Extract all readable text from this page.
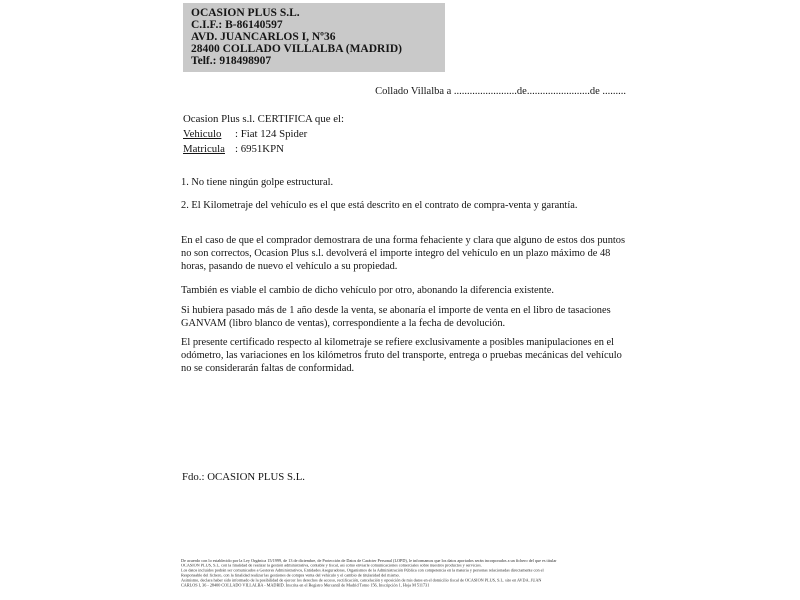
OCASION PLUS S.L.
C.I.F.: B-86140597
AVD. JUANCARLOS I, Nº36
28400 COLLADO VILLALBA (MADRID)
Telf.: 918498907
Collado Villalba a ........................de........................de .........
Ocasion Plus s.l. CERTIFICA que el:
Vehiculo : Fiat 124 Spider
Matricula : 6951KPN
1. No tiene ningún golpe estructural.
2. El Kilometraje del vehículo es el que está descrito en el contrato de compra-venta y garantía.
En el caso de que el comprador demostrara de una forma fehaciente y clara que alguno de estos dos puntos no son correctos, Ocasion Plus s.l. devolverá el importe integro del vehículo en un plazo máximo de 48 horas, pasando de nuevo el vehículo a su propiedad.
También es viable el cambio de dicho vehículo por otro, abonando la diferencia existente.
Si hubiera pasado más de 1 año desde la venta, se abonaría el importe de venta en el libro de tasaciones GANVAM (libro blanco de ventas), correspondiente a la fecha de devolución.
El presente certificado respecto al kilometraje se refiere exclusivamente a posibles manipulaciones en el odómetro, las variaciones en los kilómetros fruto del transporte, entrega o pruebas mecánicas del vehículo no se considerarán faltas de conformidad.
Fdo.: OCASION PLUS S.L.
De acuerdo con lo establecido por la Ley Orgánica 15/1999, de 13 de diciembre, de Protección de Datos de Carácter Personal (LOPD), le informamos que los datos aportados serán incorporados a un fichero del que es titular
OCASIÓN PLUS, S.L. con la finalidad de realizar la gestión administrativa, contable y fiscal, así como enviarle comunicaciones comerciales sobre nuestros productos y servicios.
Los datos incluidos podrán ser comunicados a Gestores Administrativos, Entidades Aseguradoras, Organismos de la Administración Pública con competencia en la materia y personas relacionadas directamente con el
Responsable del fichero, con la finalidad realizar las gestiones de compra venta del vehículo y el cambio de titularidad del mismo.
Asimismo, declara haber sido informado de la posibilidad de ejercer los derechos de acceso, rectificación, cancelación y oposición de mis datos en el domicilio fiscal de OCASIÓN PLUS, S.L. sito en AVDA. JUAN
CARLOS I, 36 - 28400 COLLADO VILLALBA - MADRID. Inscrita en el Registro Mercantil de Madrid Tomo 156, Inscripción 1, Hoja M 511731
